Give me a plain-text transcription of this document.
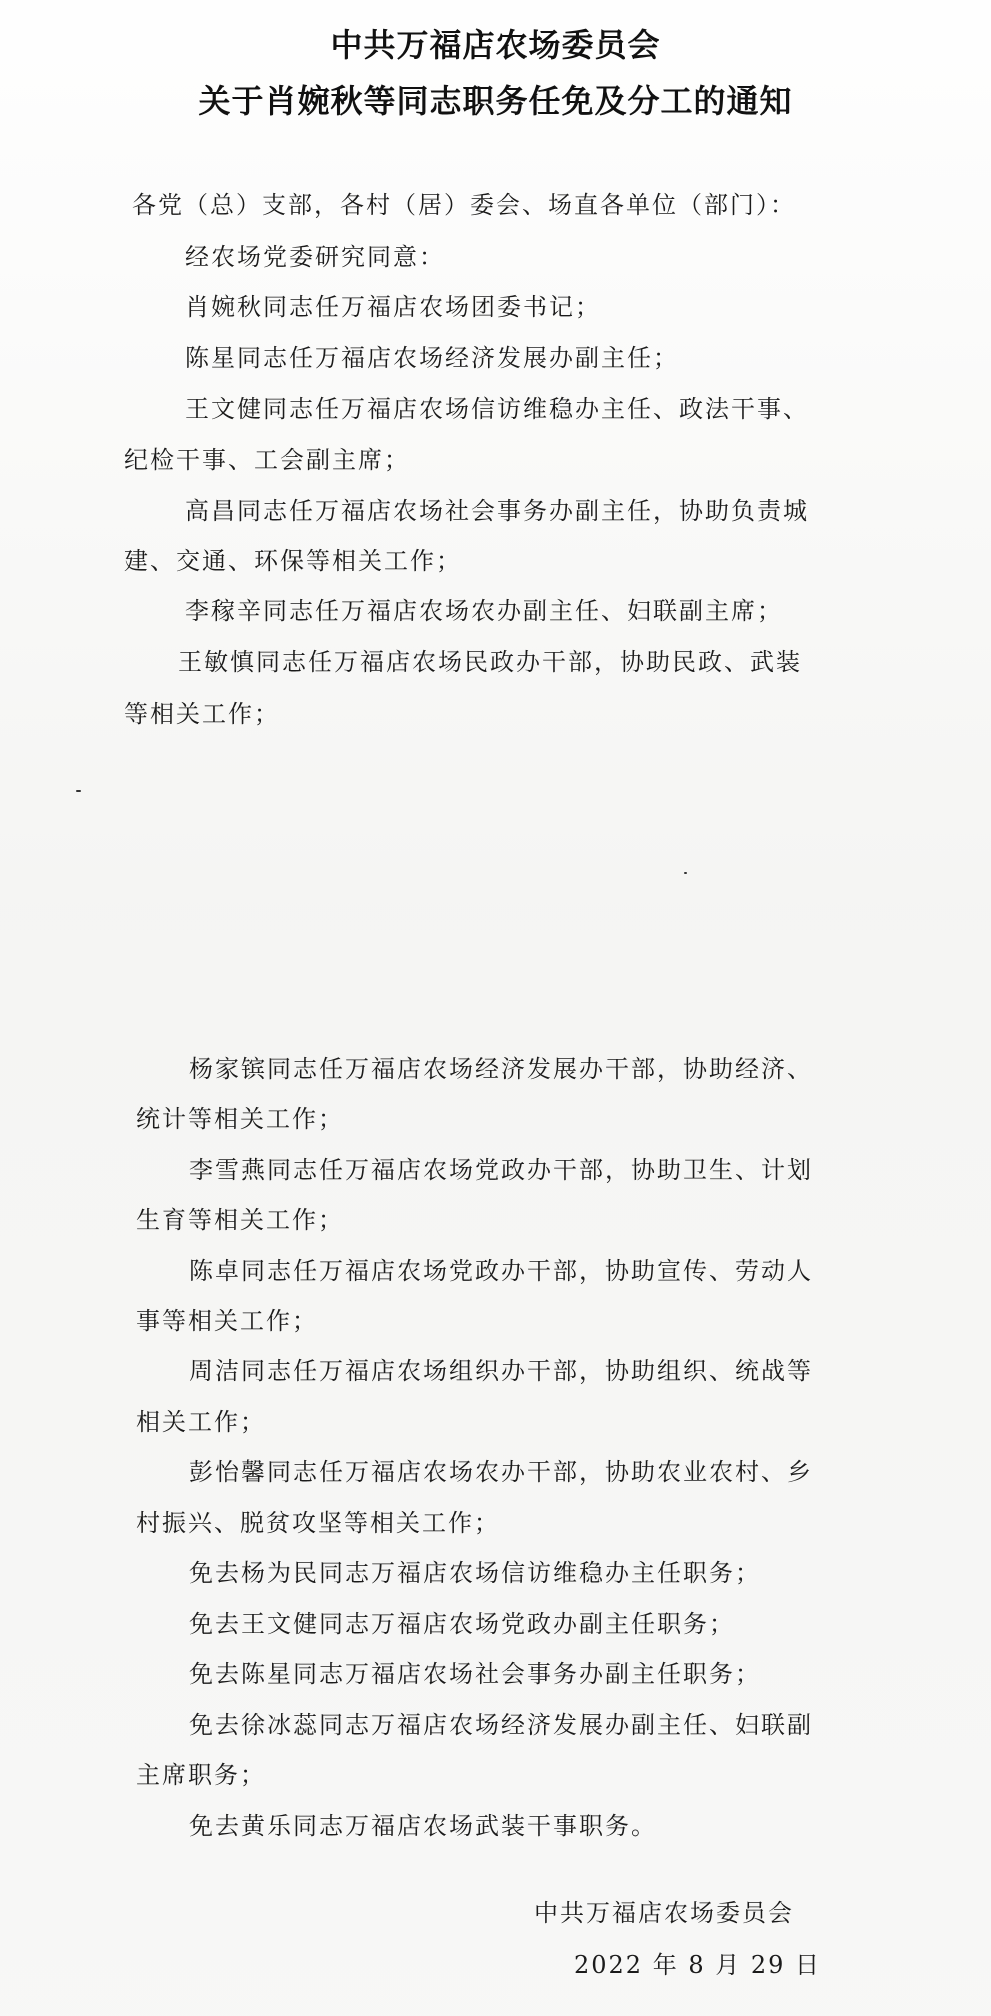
中共万福店农场委员会
关于肖婉秋等同志职务任免及分工的通知
各党（总）支部，各村（居）委会、场直各单位（部门）：
经农场党委研究同意：
肖婉秋同志任万福店农场团委书记；
陈星同志任万福店农场经济发展办副主任；
王文健同志任万福店农场信访维稳办主任、政法干事、
纪检干事、工会副主席；
高昌同志任万福店农场社会事务办副主任，协助负责城
建、交通、环保等相关工作；
李稼辛同志任万福店农场农办副主任、妇联副主席；
王敏慎同志任万福店农场民政办干部，协助民政、武装
等相关工作；
杨家镔同志任万福店农场经济发展办干部，协助经济、
统计等相关工作；
李雪燕同志任万福店农场党政办干部，协助卫生、计划
生育等相关工作；
陈卓同志任万福店农场党政办干部，协助宣传、劳动人
事等相关工作；
周洁同志任万福店农场组织办干部，协助组织、统战等
相关工作；
彭怡馨同志任万福店农场农办干部，协助农业农村、乡
村振兴、脱贫攻坚等相关工作；
免去杨为民同志万福店农场信访维稳办主任职务；
免去王文健同志万福店农场党政办副主任职务；
免去陈星同志万福店农场社会事务办副主任职务；
免去徐冰蕊同志万福店农场经济发展办副主任、妇联副
主席职务；
免去黄乐同志万福店农场武装干事职务。
中共万福店农场委员会
2022 年 8 月 29 日
